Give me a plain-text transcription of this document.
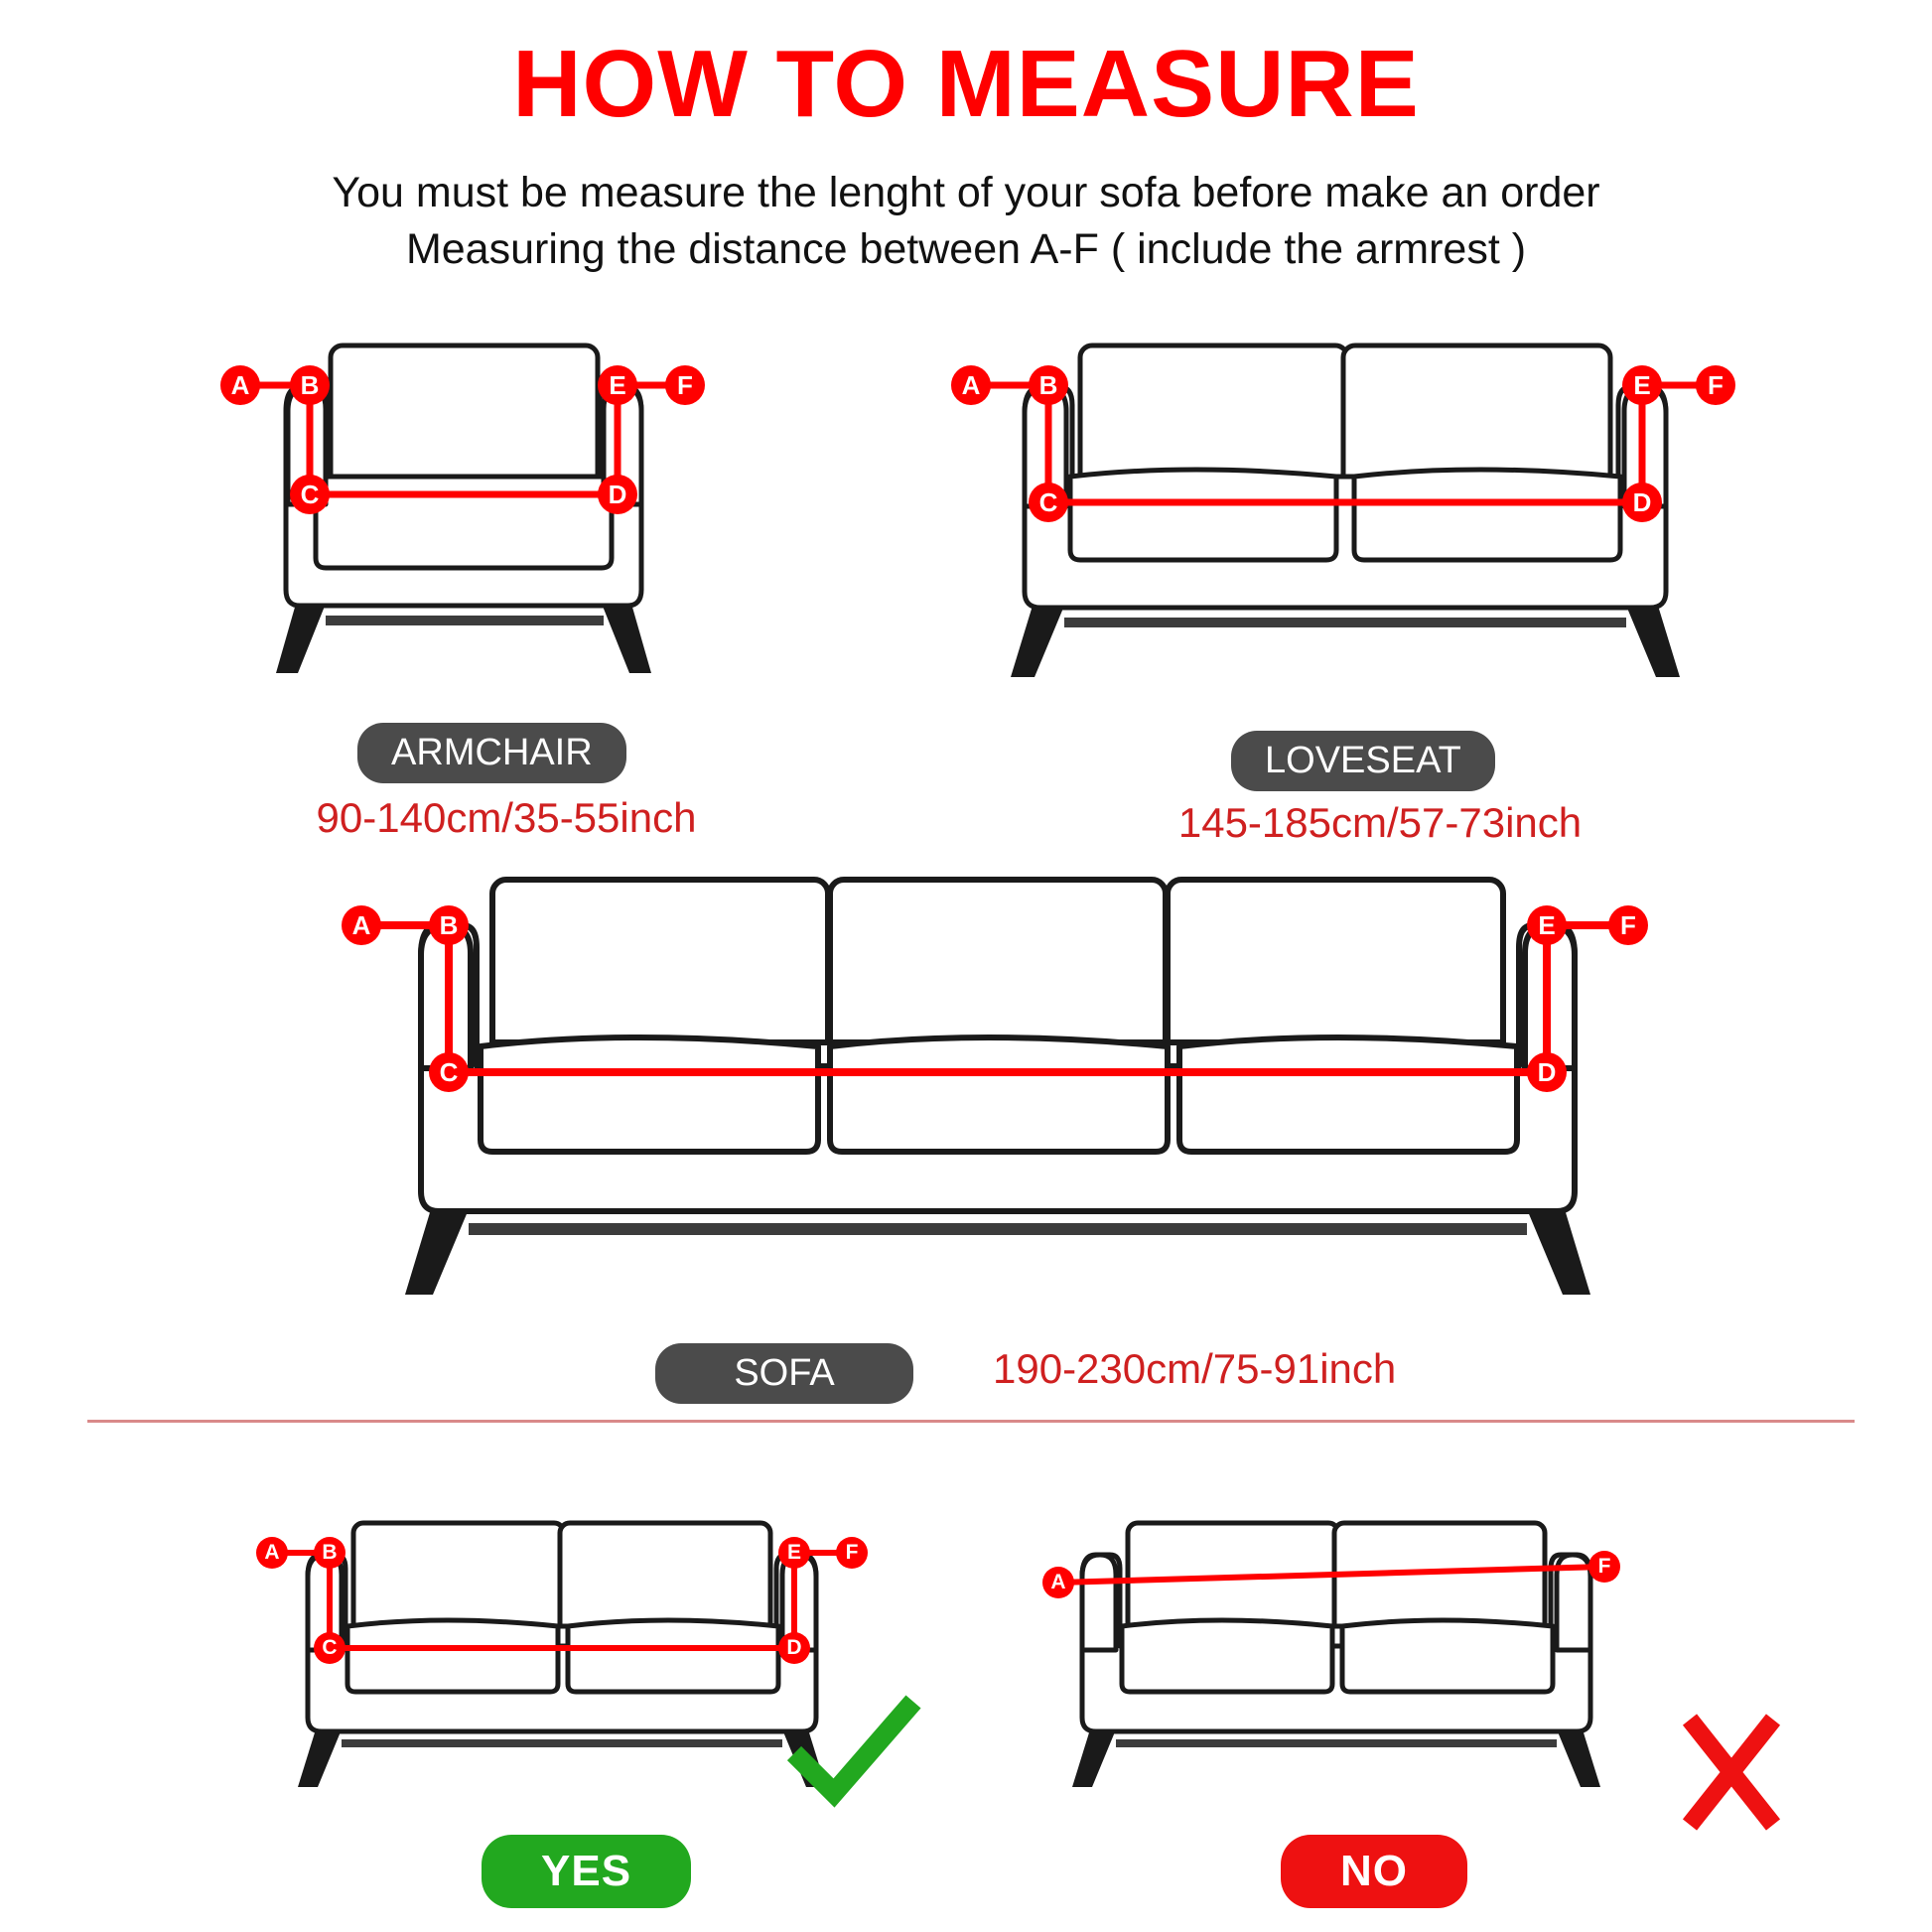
HOW TO MEASURE
You must be measure the lenght of your sofa before make an order
Measuring the distance between A-F ( include the armrest )
A	B
C	D
E	F
ARMCHAIR
90-140cm/35-55inch
A	B
C	D
E	F
LOVESEAT
145-185cm/57-73inch
A	B
C	D
E	F
SOFA	190-230cm/75-91inch
A	B
C	D
E	F
YES
A
F
NO
